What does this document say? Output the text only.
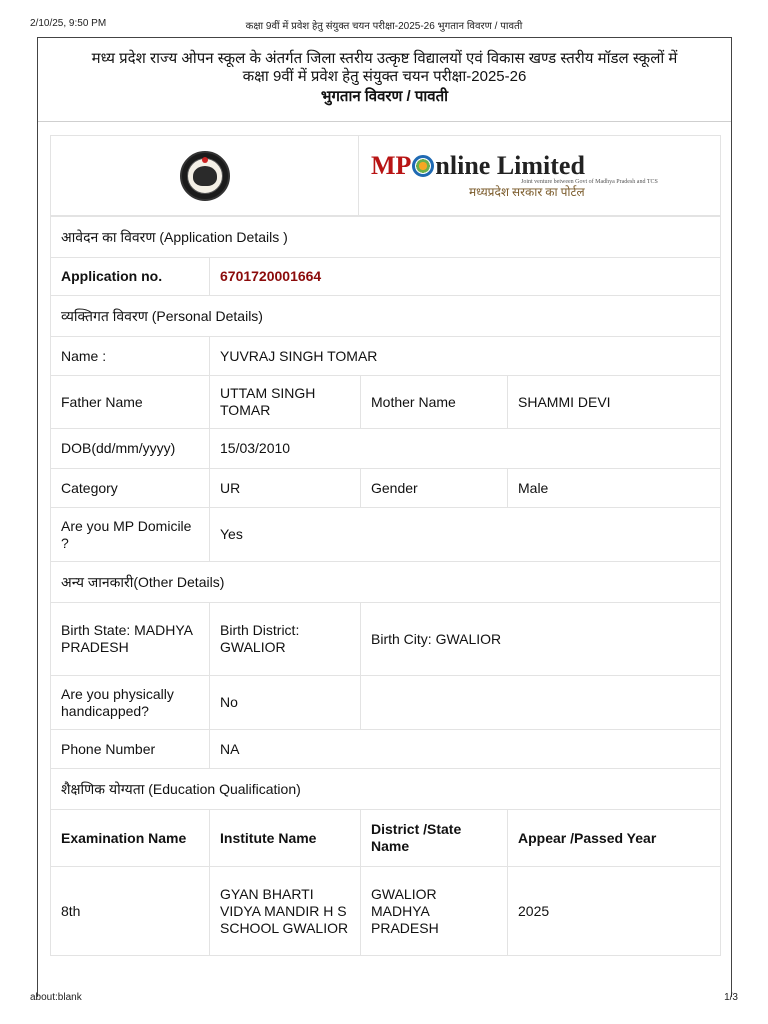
2/10/25, 9:50 PM	कक्षा 9वीं में प्रवेश हेतु संयुक्त चयन परीक्षा-2025-26 भुगतान विवरण / पावती
मध्य प्रदेश राज्य ओपन स्कूल के अंतर्गत जिला स्तरीय उत्कृष्ट विद्यालयों एवं विकास खण्ड स्तरीय मॉडल स्कूलों में
कक्षा 9वीं में प्रवेश हेतु संयुक्त चयन परीक्षा-2025-26
भुगतान विवरण / पावती
MP nline Limited
Joint venture between Govt of Madhya Pradesh and TCS
मध्यप्रदेश सरकार का पोर्टल
आवेदन का विवरण (Application Details )			
Application no.	6701720001664		
व्यक्तिगत विवरण (Personal Details)			
Name :	YUVRAJ SINGH TOMAR		
Father Name	UTTAM SINGH TOMAR	Mother Name	SHAMMI DEVI
DOB(dd/mm/yyyy)	15/03/2010		
Category	UR	Gender	Male
Are you MP Domicile ?	Yes		
अन्य जानकारी(Other Details)			
Birth State: MADHYA PRADESH	Birth District: GWALIOR	Birth City: GWALIOR	
Are you physically handicapped?	No		
Phone Number	NA		
शैक्षणिक योग्यता (Education Qualification)			
Examination Name	Institute Name	District /State Name	Appear /Passed Year
8th	GYAN BHARTI VIDYA MANDIR H S SCHOOL GWALIOR	GWALIOR MADHYA PRADESH	2025
about:blank	1/3
